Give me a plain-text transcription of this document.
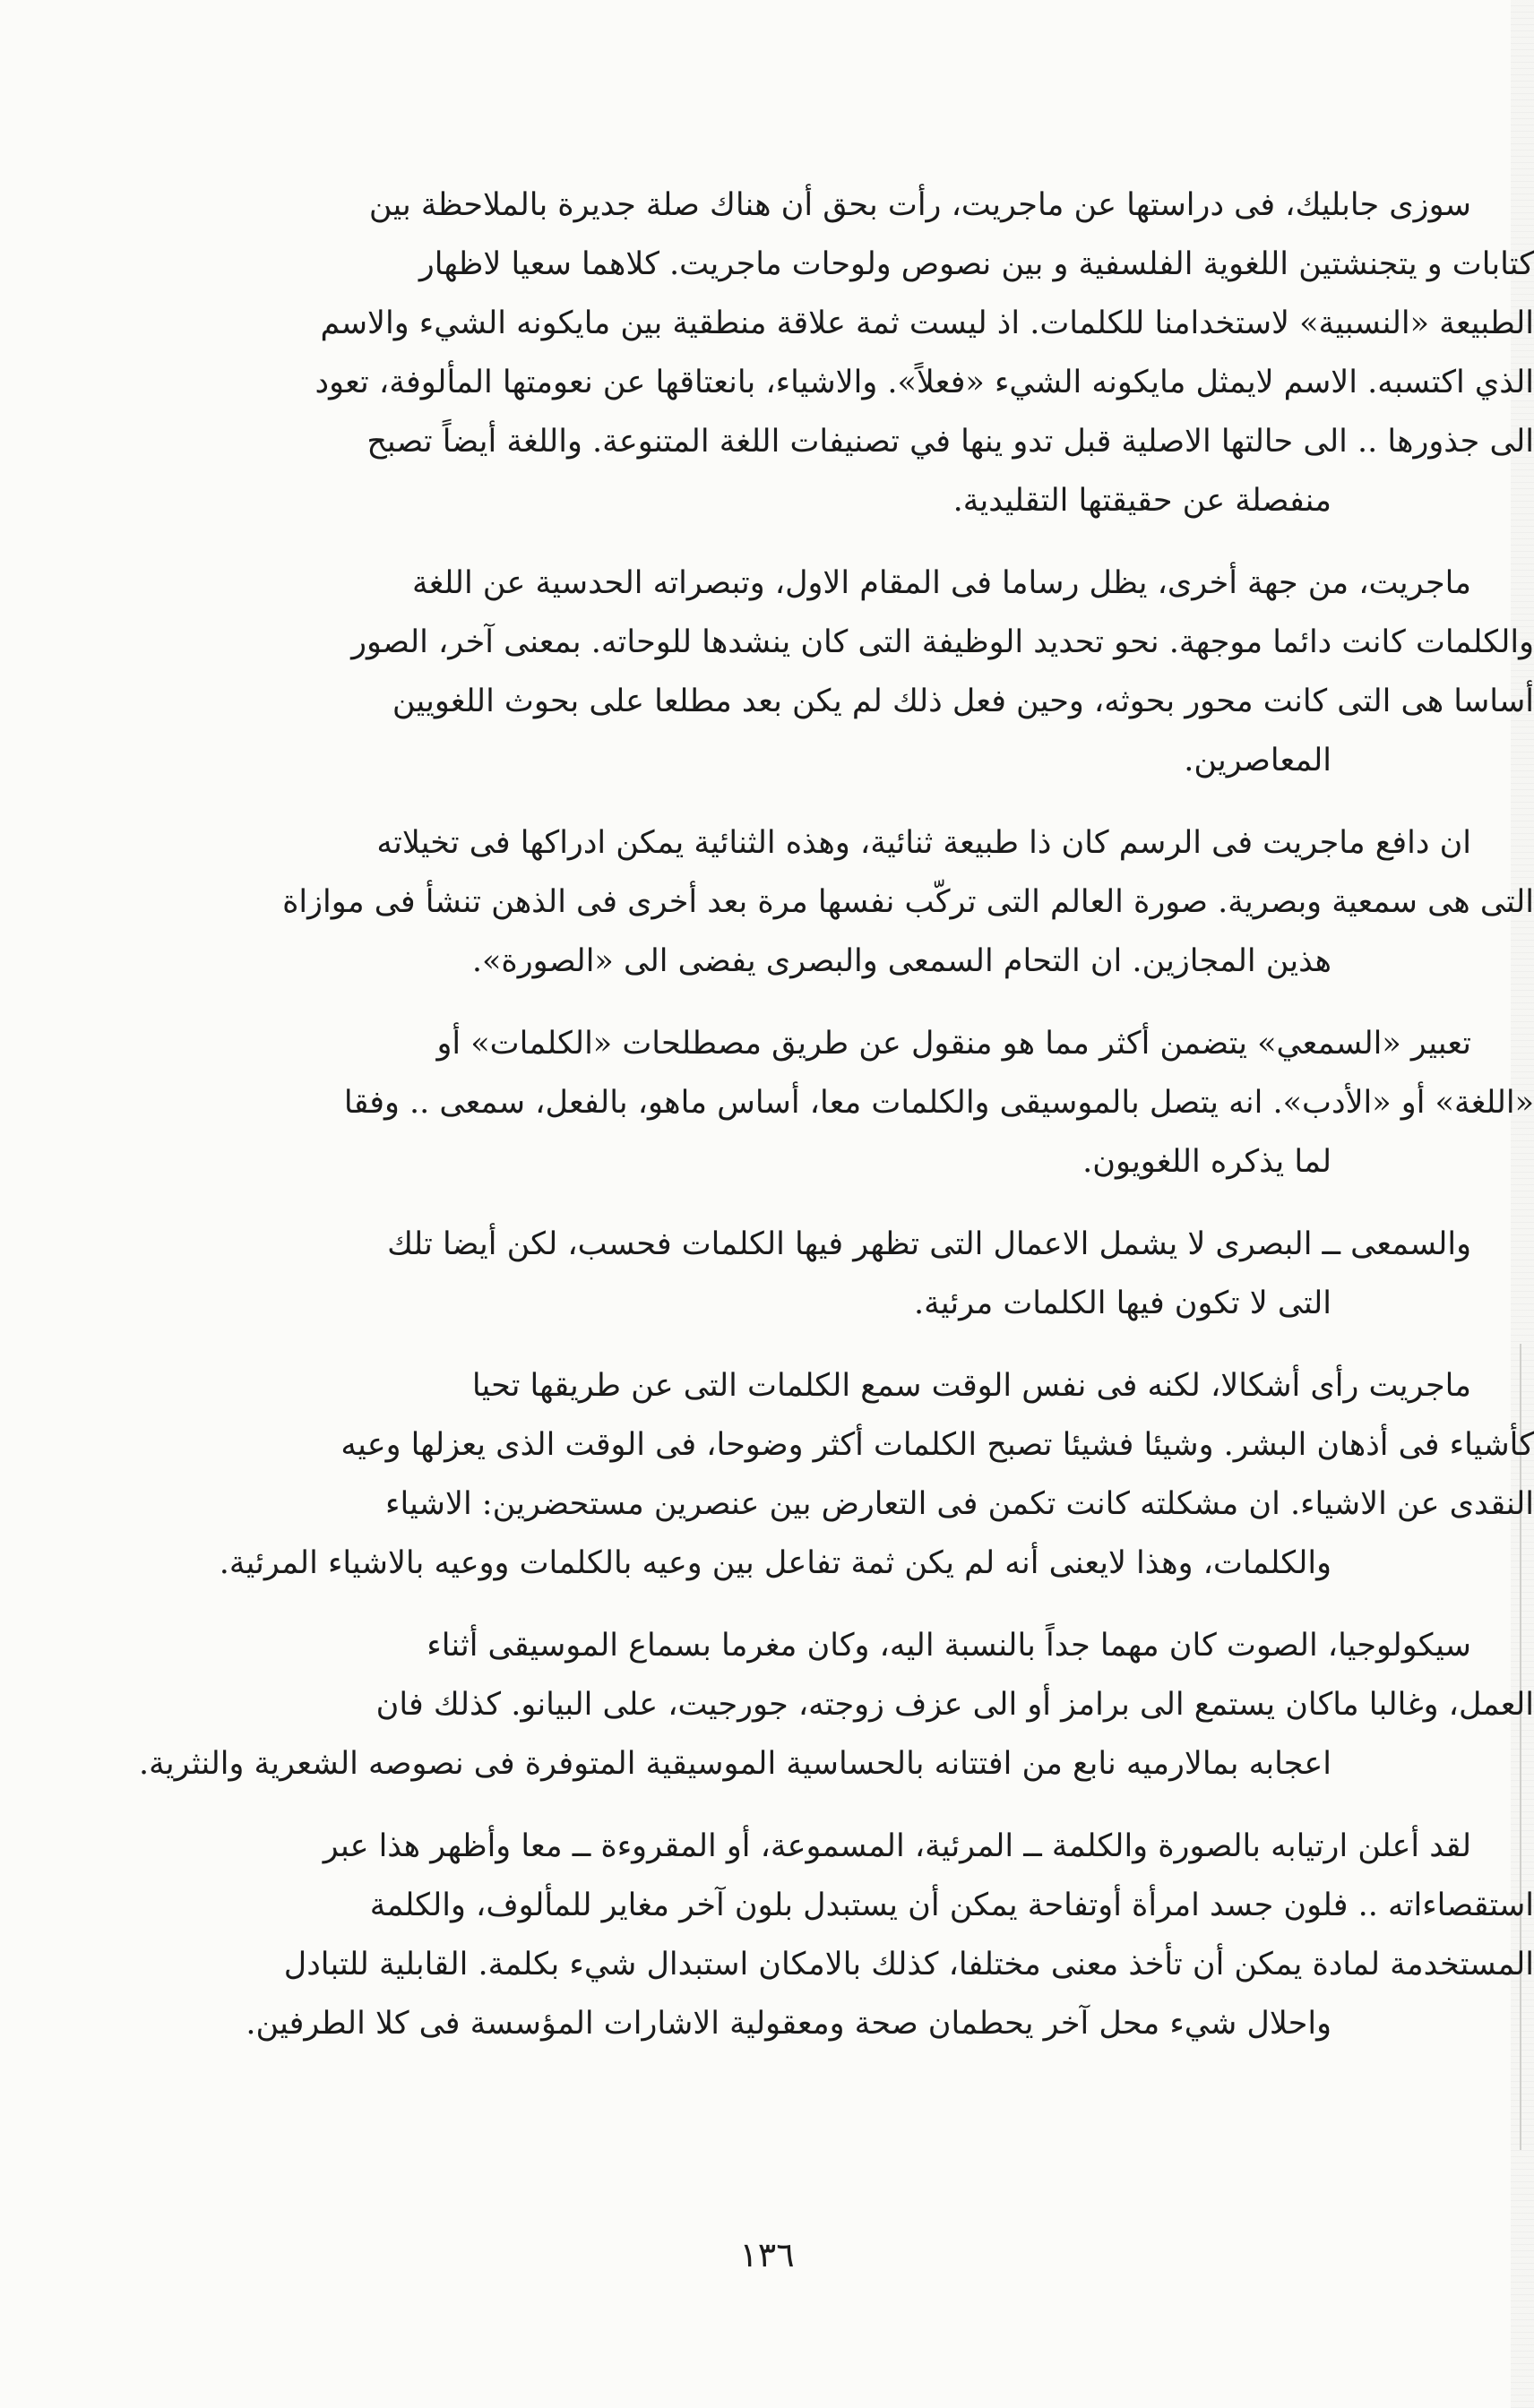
سوزى جابليك، فى دراستها عن ماجريت، رأت بحق أن هناك صلة جديرة بالملاحظة بين
كتابات و يتجنشتين اللغوية الفلسفية و بين نصوص ولوحات ماجريت. كلاهما سعيا لاظهار
الطبيعة «النسبية» لاستخدامنا للكلمات. اذ ليست ثمة علاقة منطقية بين مايكونه الشيء والاسم
الذي اكتسبه. الاسم لايمثل مايكونه الشيء «فعلاً». والاشياء، بانعتاقها عن نعومتها المألوفة، تعود
الى جذورها .. الى حالتها الاصلية قبل تدو ينها في تصنيفات اللغة المتنوعة. واللغة أيضاً تصبح
منفصلة عن حقيقتها التقليدية.
ماجريت، من جهة أخرى، يظل رساما فى المقام الاول، وتبصراته الحدسية عن اللغة
والكلمات كانت دائما موجهة. نحو تحديد الوظيفة التى كان ينشدها للوحاته. بمعنى آخر، الصور
أساسا هى التى كانت محور بحوثه، وحين فعل ذلك لم يكن بعد مطلعا على بحوث اللغويين
المعاصرين.
ان دافع ماجريت فى الرسم كان ذا طبيعة ثنائية، وهذه الثنائية يمكن ادراكها فى تخيلاته
التى هى سمعية وبصرية. صورة العالم التى تركّب نفسها مرة بعد أخرى فى الذهن تنشأ فى موازاة
هذين المجازين. ان التحام السمعى والبصرى يفضى الى «الصورة».
تعبير «السمعي» يتضمن أكثر مما هو منقول عن طريق مصطلحات «الكلمات» أو
«اللغة» أو «الأدب». انه يتصل بالموسيقى والكلمات معا، أساس ماهو، بالفعل، سمعى .. وفقا
لما يذكره اللغويون.
والسمعى ــ البصرى لا يشمل الاعمال التى تظهر فيها الكلمات فحسب، لكن أيضا تلك
التى لا تكون فيها الكلمات مرئية.
ماجريت رأى أشكالا، لكنه فى نفس الوقت سمع الكلمات التى عن طريقها تحيا
كأشياء فى أذهان البشر. وشيئا فشيئا تصبح الكلمات أكثر وضوحا، فى الوقت الذى يعزلها وعيه
النقدى عن الاشياء. ان مشكلته كانت تكمن فى التعارض بين عنصرين مستحضرين: الاشياء
والكلمات، وهذا لايعنى أنه لم يكن ثمة تفاعل بين وعيه بالكلمات ووعيه بالاشياء المرئية.
سيكولوجيا، الصوت كان مهما جداً بالنسبة اليه، وكان مغرما بسماع الموسيقى أثناء
العمل، وغالبا ماكان يستمع الى برامز أو الى عزف زوجته، جورجيت، على البيانو. كذلك فان
اعجابه بمالارميه نابع من افتتانه بالحساسية الموسيقية المتوفرة فى نصوصه الشعرية والنثرية.
لقد أعلن ارتيابه بالصورة والكلمة ــ المرئية، المسموعة، أو المقروءة ــ معا وأظهر هذا عبر
استقصاءاته .. فلون جسد امرأة أوتفاحة يمكن أن يستبدل بلون آخر مغاير للمألوف، والكلمة
المستخدمة لمادة يمكن أن تأخذ معنى مختلفا، كذلك بالامكان استبدال شيء بكلمة. القابلية للتبادل
واحلال شيء محل آخر يحطمان صحة ومعقولية الاشارات المؤسسة فى كلا الطرفين.
١٣٦
